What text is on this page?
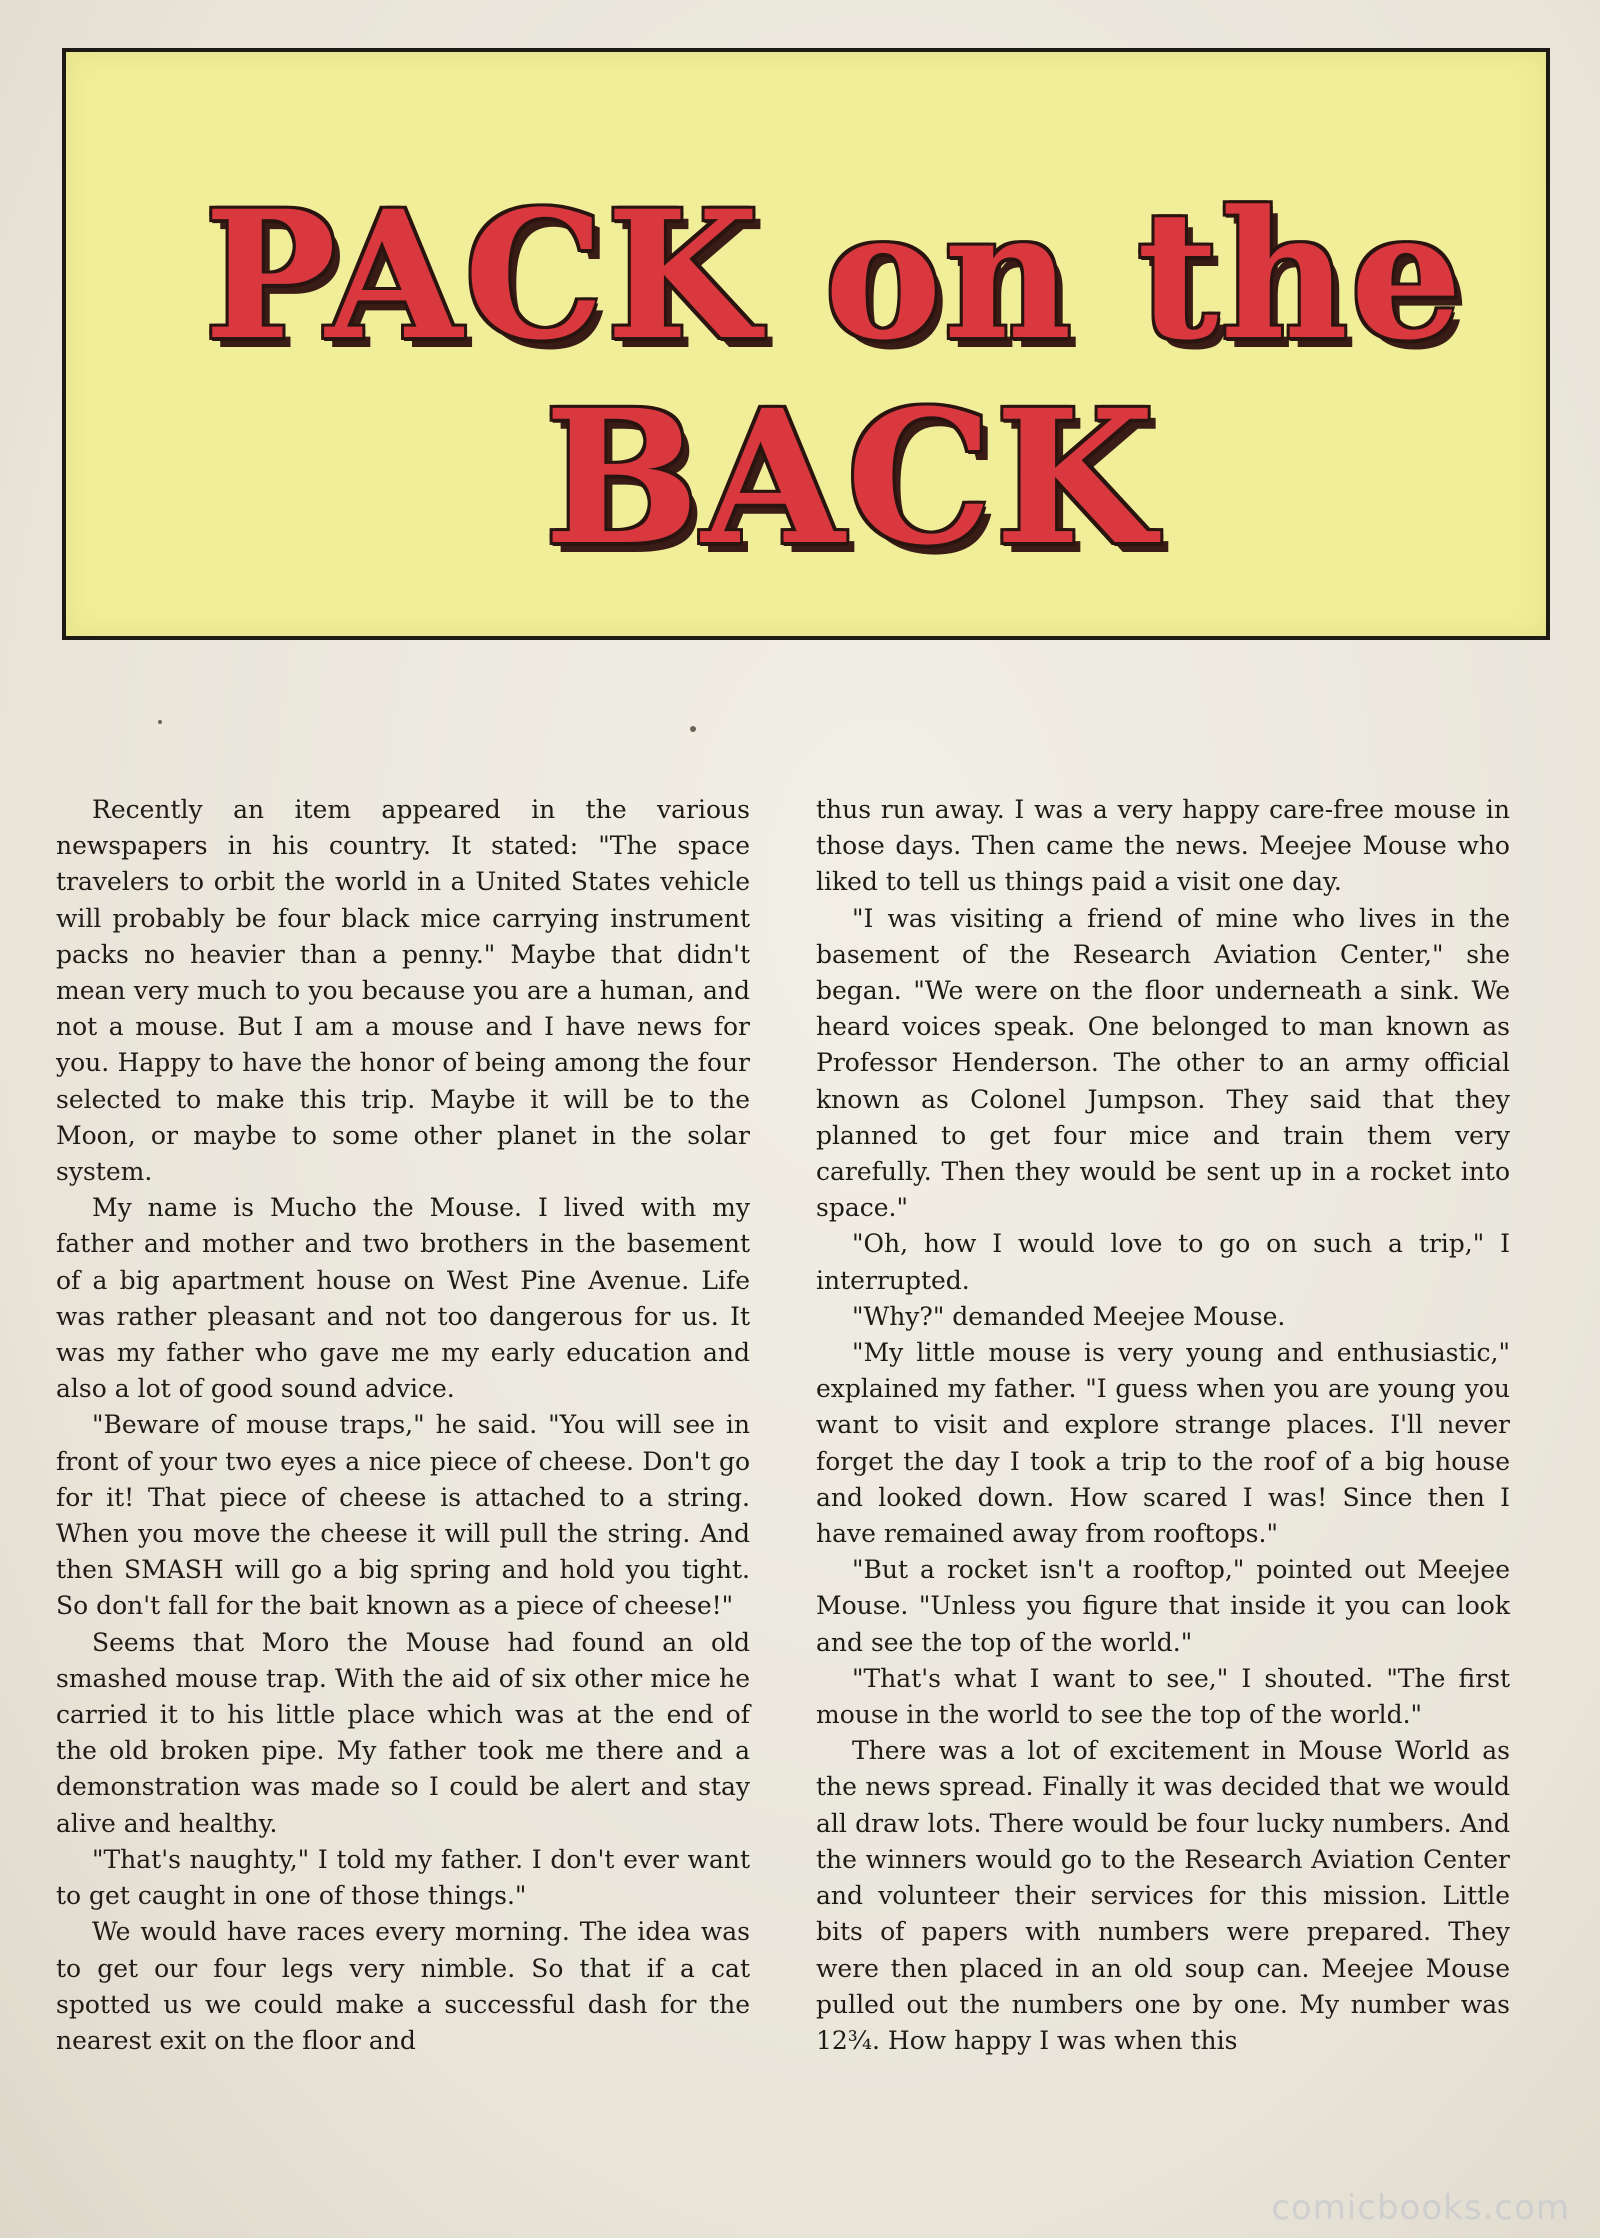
PACK on the
BACK

Recently an item appeared in the various newspapers in his country. It stated: "The space travelers to orbit the world in a United States vehicle will probably be four black mice carrying instrument packs no heavier than a penny." Maybe that didn't mean very much to you because you are a human, and not a mouse. But I am a mouse and I have news for you. Happy to have the honor of being among the four selected to make this trip. Maybe it will be to the Moon, or maybe to some other planet in the solar system.

My name is Mucho the Mouse. I lived with my father and mother and two brothers in the basement of a big apartment house on West Pine Avenue. Life was rather pleasant and not too dangerous for us. It was my father who gave me my early education and also a lot of good sound advice.

"Beware of mouse traps," he said. "You will see in front of your two eyes a nice piece of cheese. Don't go for it! That piece of cheese is attached to a string. When you move the cheese it will pull the string. And then SMASH will go a big spring and hold you tight. So don't fall for the bait known as a piece of cheese!"

Seems that Moro the Mouse had found an old smashed mouse trap. With the aid of six other mice he carried it to his little place which was at the end of the old broken pipe. My father took me there and a demonstration was made so I could be alert and stay alive and healthy.

"That's naughty," I told my father. I don't ever want to get caught in one of those things."

We would have races every morning. The idea was to get our four legs very nimble. So that if a cat spotted us we could make a successful dash for the nearest exit on the floor and

thus run away. I was a very happy care-free mouse in those days. Then came the news. Meejee Mouse who liked to tell us things paid a visit one day.

"I was visiting a friend of mine who lives in the basement of the Research Aviation Center," she began. "We were on the floor underneath a sink. We heard voices speak. One belonged to man known as Professor Henderson. The other to an army official known as Colonel Jumpson. They said that they planned to get four mice and train them very carefully. Then they would be sent up in a rocket into space."

"Oh, how I would love to go on such a trip," I interrupted.

"Why?" demanded Meejee Mouse.

"My little mouse is very young and enthusiastic," explained my father. "I guess when you are young you want to visit and explore strange places. I'll never forget the day I took a trip to the roof of a big house and looked down. How scared I was! Since then I have remained away from rooftops."

"But a rocket isn't a rooftop," pointed out Meejee Mouse. "Unless you figure that inside it you can look and see the top of the world."

"That's what I want to see," I shouted. "The first mouse in the world to see the top of the world."

There was a lot of excitement in Mouse World as the news spread. Finally it was decided that we would all draw lots. There would be four lucky numbers. And the winners would go to the Research Aviation Center and volunteer their services for this mission. Little bits of papers with numbers were prepared. They were then placed in an old soup can. Meejee Mouse pulled out the numbers one by one. My number was 12¾. How happy I was when this

comicbooks.com
